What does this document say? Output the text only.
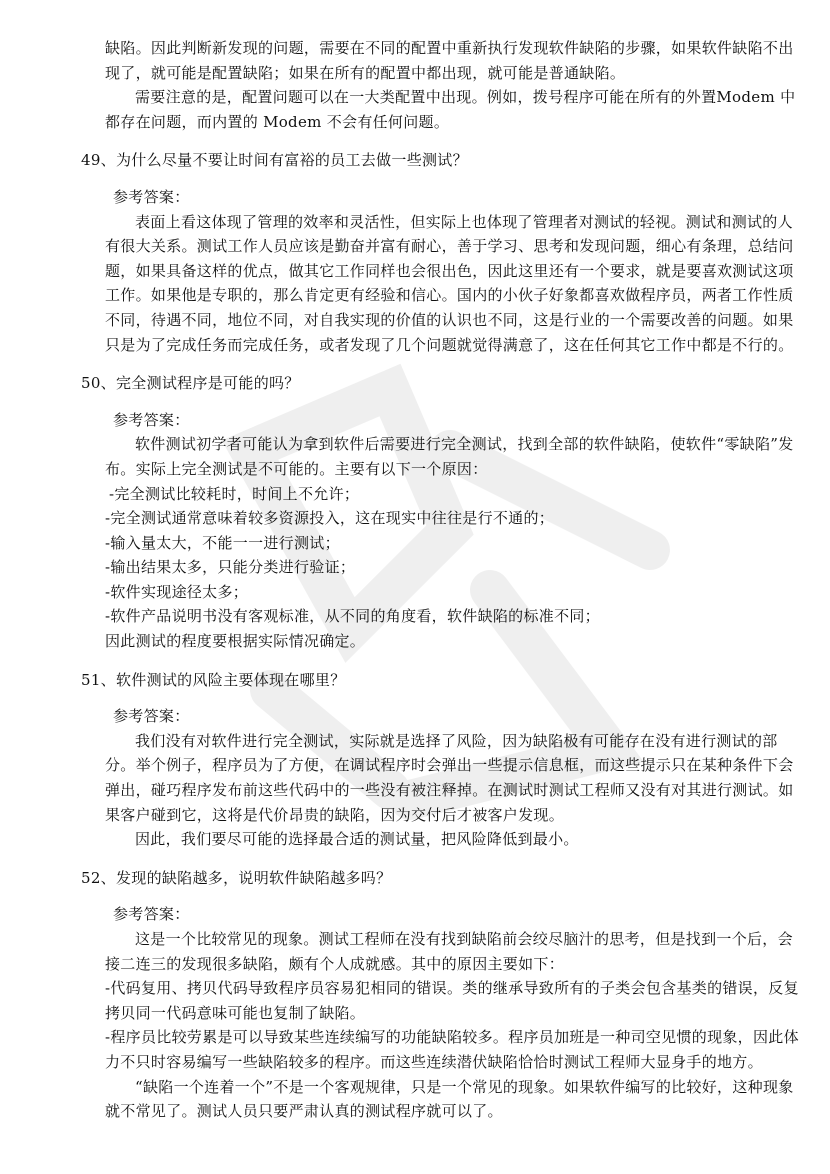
缺陷。因此判断新发现的问题，需要在不同的配置中重新执行发现软件缺陷的步骤，如果软件缺陷不出现了，就可能是配置缺陷；如果在所有的配置中都出现，就可能是普通缺陷。

需要注意的是，配置问题可以在一大类配置中出现。例如，拨号程序可能在所有的外置Modem 中都存在问题，而内置的 Modem 不会有任何问题。

49、为什么尽量不要让时间有富裕的员工去做一些测试？

参考答案：

表面上看这体现了管理的效率和灵活性，但实际上也体现了管理者对测试的轻视。测试和测试的人有很大关系。测试工作人员应该是勤奋并富有耐心，善于学习、思考和发现问题，细心有条理，总结问题，如果具备这样的优点，做其它工作同样也会很出色，因此这里还有一个要求，就是要喜欢测试这项工作。如果他是专职的，那么肯定更有经验和信心。国内的小伙子好象都喜欢做程序员，两者工作性质不同，待遇不同，地位不同，对自我实现的价值的认识也不同，这是行业的一个需要改善的问题。如果只是为了完成任务而完成任务，或者发现了几个问题就觉得满意了，这在任何其它工作中都是不行的。

50、完全测试程序是可能的吗？

参考答案：

软件测试初学者可能认为拿到软件后需要进行完全测试，找到全部的软件缺陷，使软件“零缺陷”发布。实际上完全测试是不可能的。主要有以下一个原因：

-完全测试比较耗时，时间上不允许；
-完全测试通常意味着较多资源投入，这在现实中往往是行不通的；
-输入量太大，不能一一进行测试；
-输出结果太多，只能分类进行验证；
-软件实现途径太多；
-软件产品说明书没有客观标准，从不同的角度看，软件缺陷的标准不同；

因此测试的程度要根据实际情况确定。

51、软件测试的风险主要体现在哪里？

参考答案：

我们没有对软件进行完全测试，实际就是选择了风险，因为缺陷极有可能存在没有进行测试的部分。举个例子，程序员为了方便，在调试程序时会弹出一些提示信息框，而这些提示只在某种条件下会弹出，碰巧程序发布前这些代码中的一些没有被注释掉。在测试时测试工程师又没有对其进行测试。如果客户碰到它，这将是代价昂贵的缺陷，因为交付后才被客户发现。

因此，我们要尽可能的选择最合适的测试量，把风险降低到最小。

52、发现的缺陷越多，说明软件缺陷越多吗？

参考答案：

这是一个比较常见的现象。测试工程师在没有找到缺陷前会绞尽脑汁的思考，但是找到一个后，会接二连三的发现很多缺陷，颇有个人成就感。其中的原因主要如下：

-代码复用、拷贝代码导致程序员容易犯相同的错误。类的继承导致所有的子类会包含基类的错误，反复拷贝同一代码意味可能也复制了缺陷。
-程序员比较劳累是可以导致某些连续编写的功能缺陷较多。程序员加班是一种司空见惯的现象，因此体力不只时容易编写一些缺陷较多的程序。而这些连续潜伏缺陷恰恰时测试工程师大显身手的地方。

“缺陷一个连着一个”不是一个客观规律，只是一个常见的现象。如果软件编写的比较好，这种现象就不常见了。测试人员只要严肃认真的测试程序就可以了。
